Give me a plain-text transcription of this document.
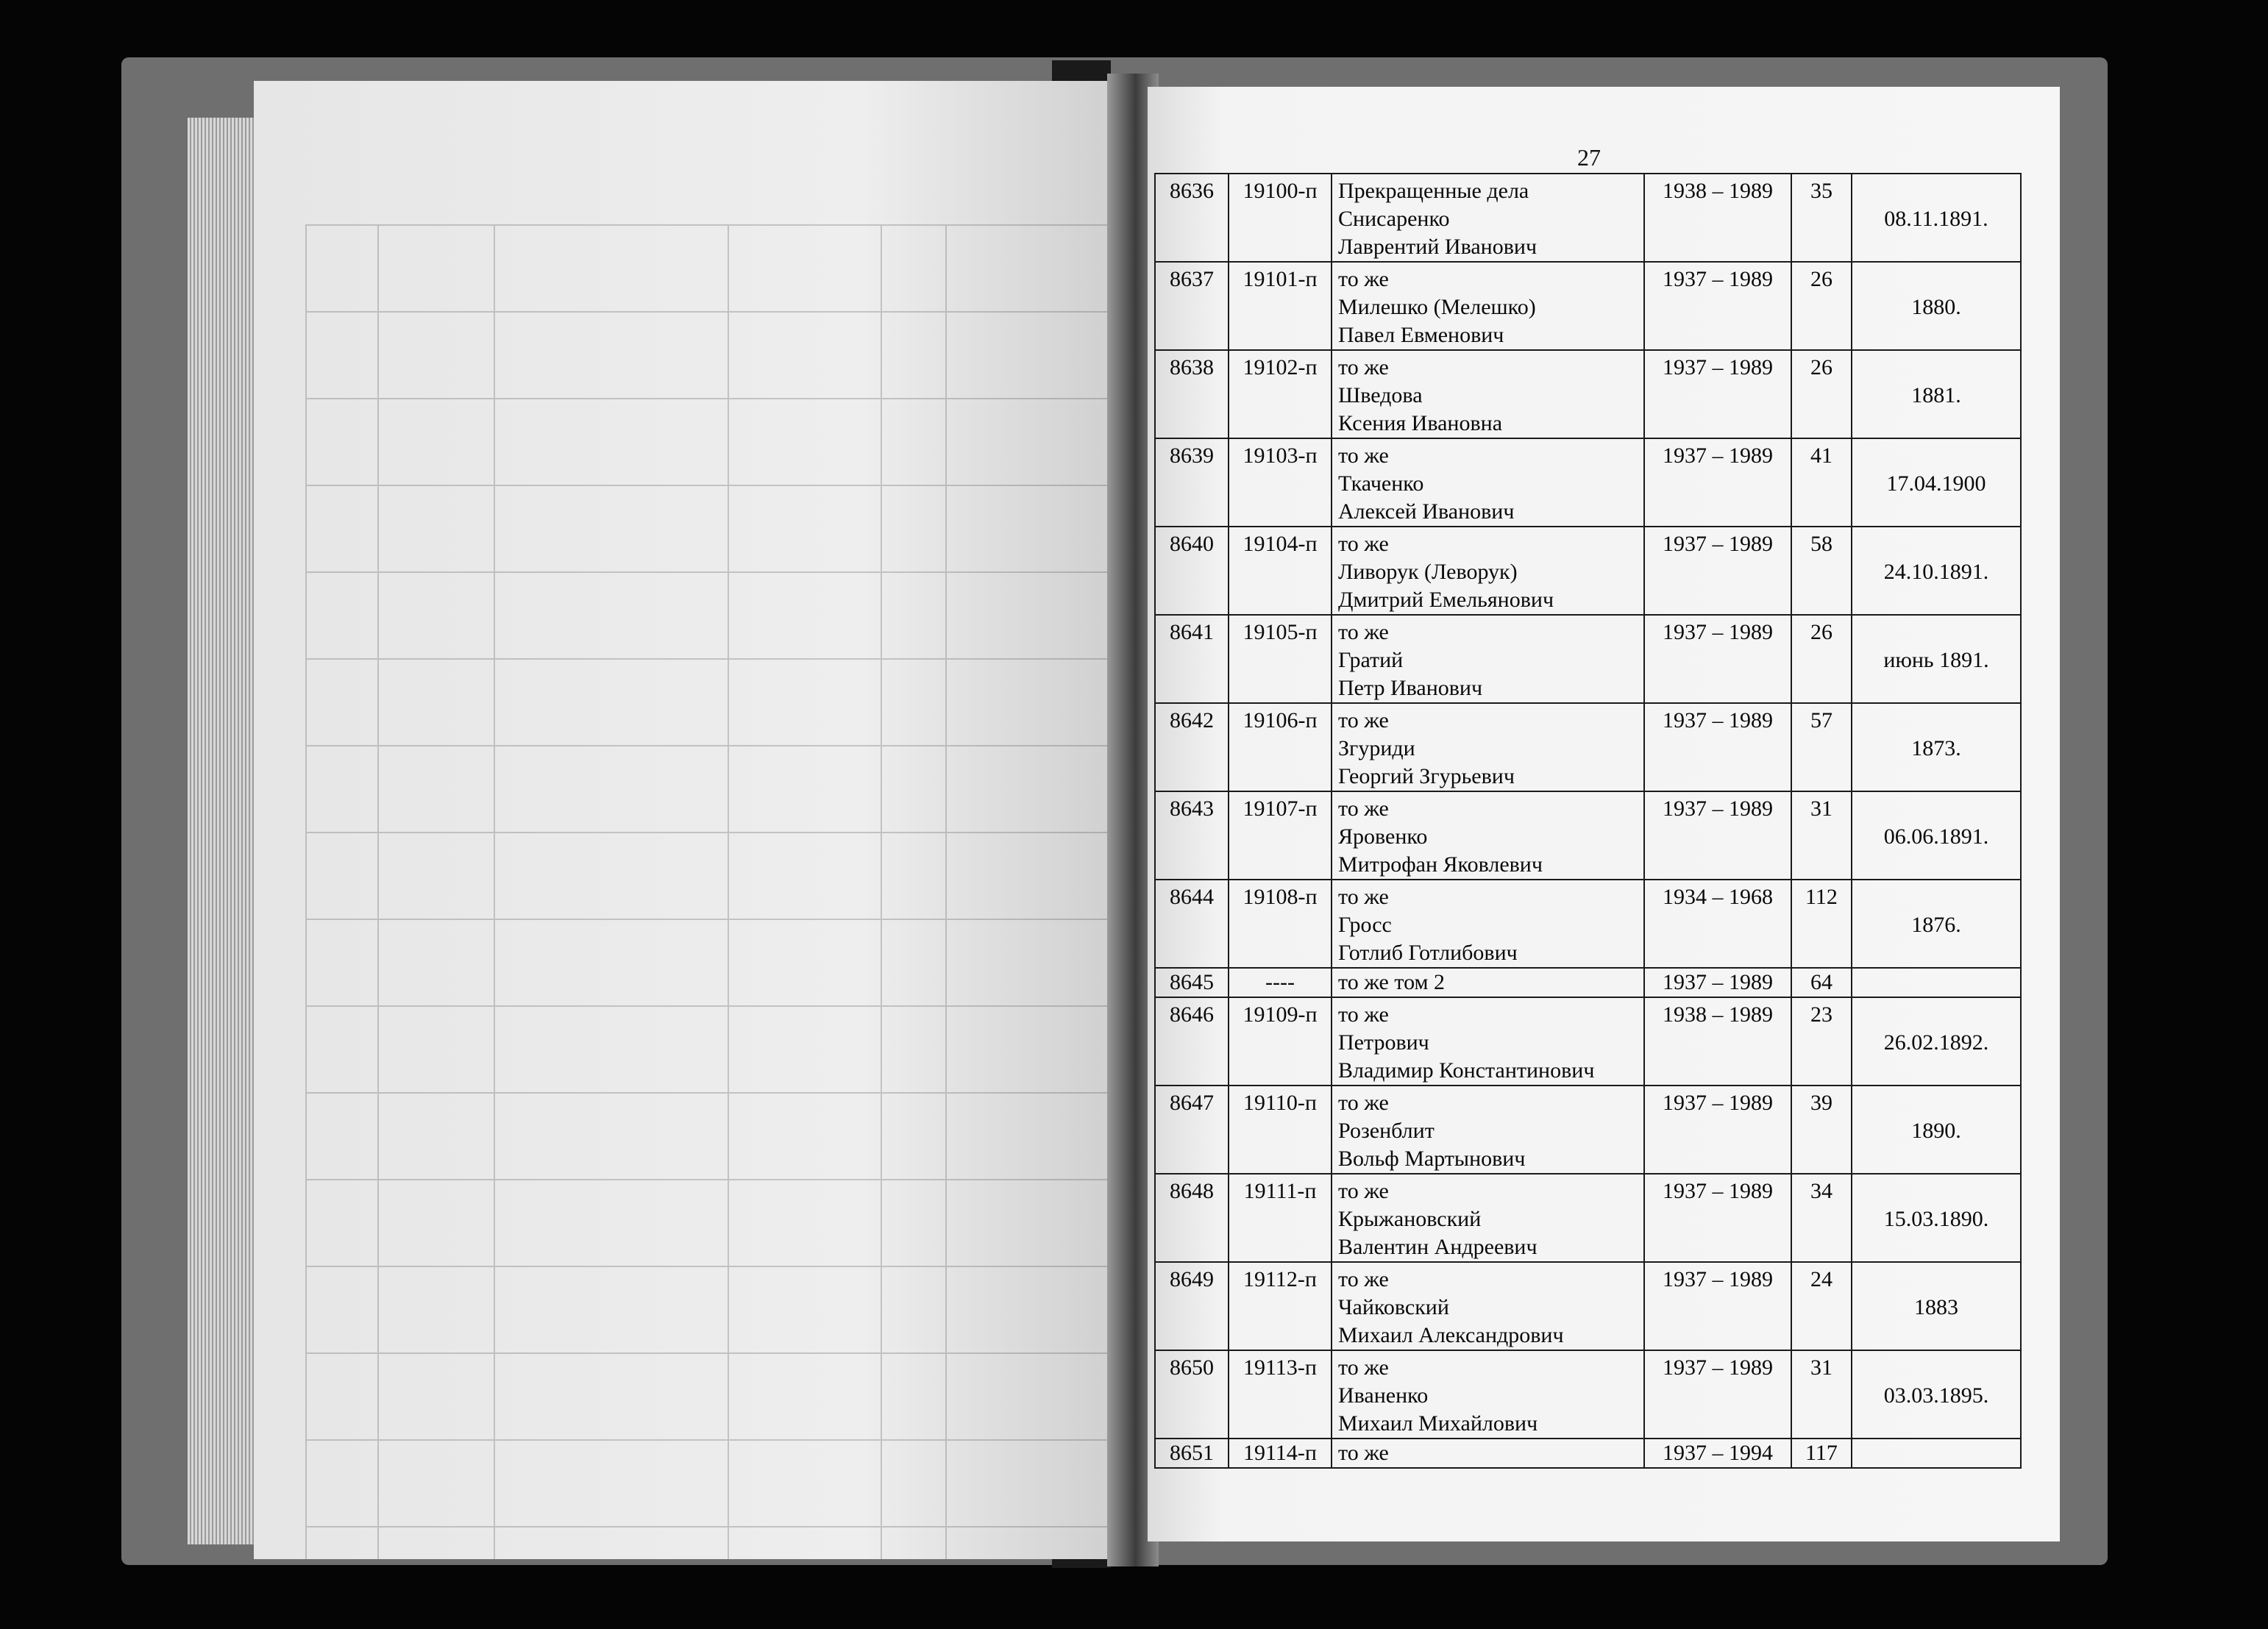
27
8636	19100-п	Прекращенные дела
Снисаренко
Лаврентий Иванович	1938 – 1989	35	08.11.1891.
8637	19101-п	то же
Милешко (Мелешко)
Павел Евменович	1937 – 1989	26	1880.
8638	19102-п	то же
Шведова
Ксения Ивановна	1937 – 1989	26	1881.
8639	19103-п	то же
Ткаченко
Алексей Иванович	1937 – 1989	41	17.04.1900
8640	19104-п	то же
Ливорук (Леворук)
Дмитрий Емельянович	1937 – 1989	58	24.10.1891.
8641	19105-п	то же
Гратий
Петр Иванович	1937 – 1989	26	июнь 1891.
8642	19106-п	то же
Згуриди
Георгий Згурьевич	1937 – 1989	57	1873.
8643	19107-п	то же
Яровенко
Митрофан Яковлевич	1937 – 1989	31	06.06.1891.
8644	19108-п	то же
Гросс
Готлиб Готлибович	1934 – 1968	112	1876.
8645	----	то же том 2	1937 – 1989	64	
8646	19109-п	то же
Петрович
Владимир Константинович	1938 – 1989	23	26.02.1892.
8647	19110-п	то же
Розенблит
Вольф Мартынович	1937 – 1989	39	1890.
8648	19111-п	то же
Крыжановский
Валентин Андреевич	1937 – 1989	34	15.03.1890.
8649	19112-п	то же
Чайковский
Михаил Александрович	1937 – 1989	24	1883
8650	19113-п	то же
Иваненко
Михаил Михайлович	1937 – 1989	31	03.03.1895.
8651	19114-п	то же	1937 – 1994	117	
